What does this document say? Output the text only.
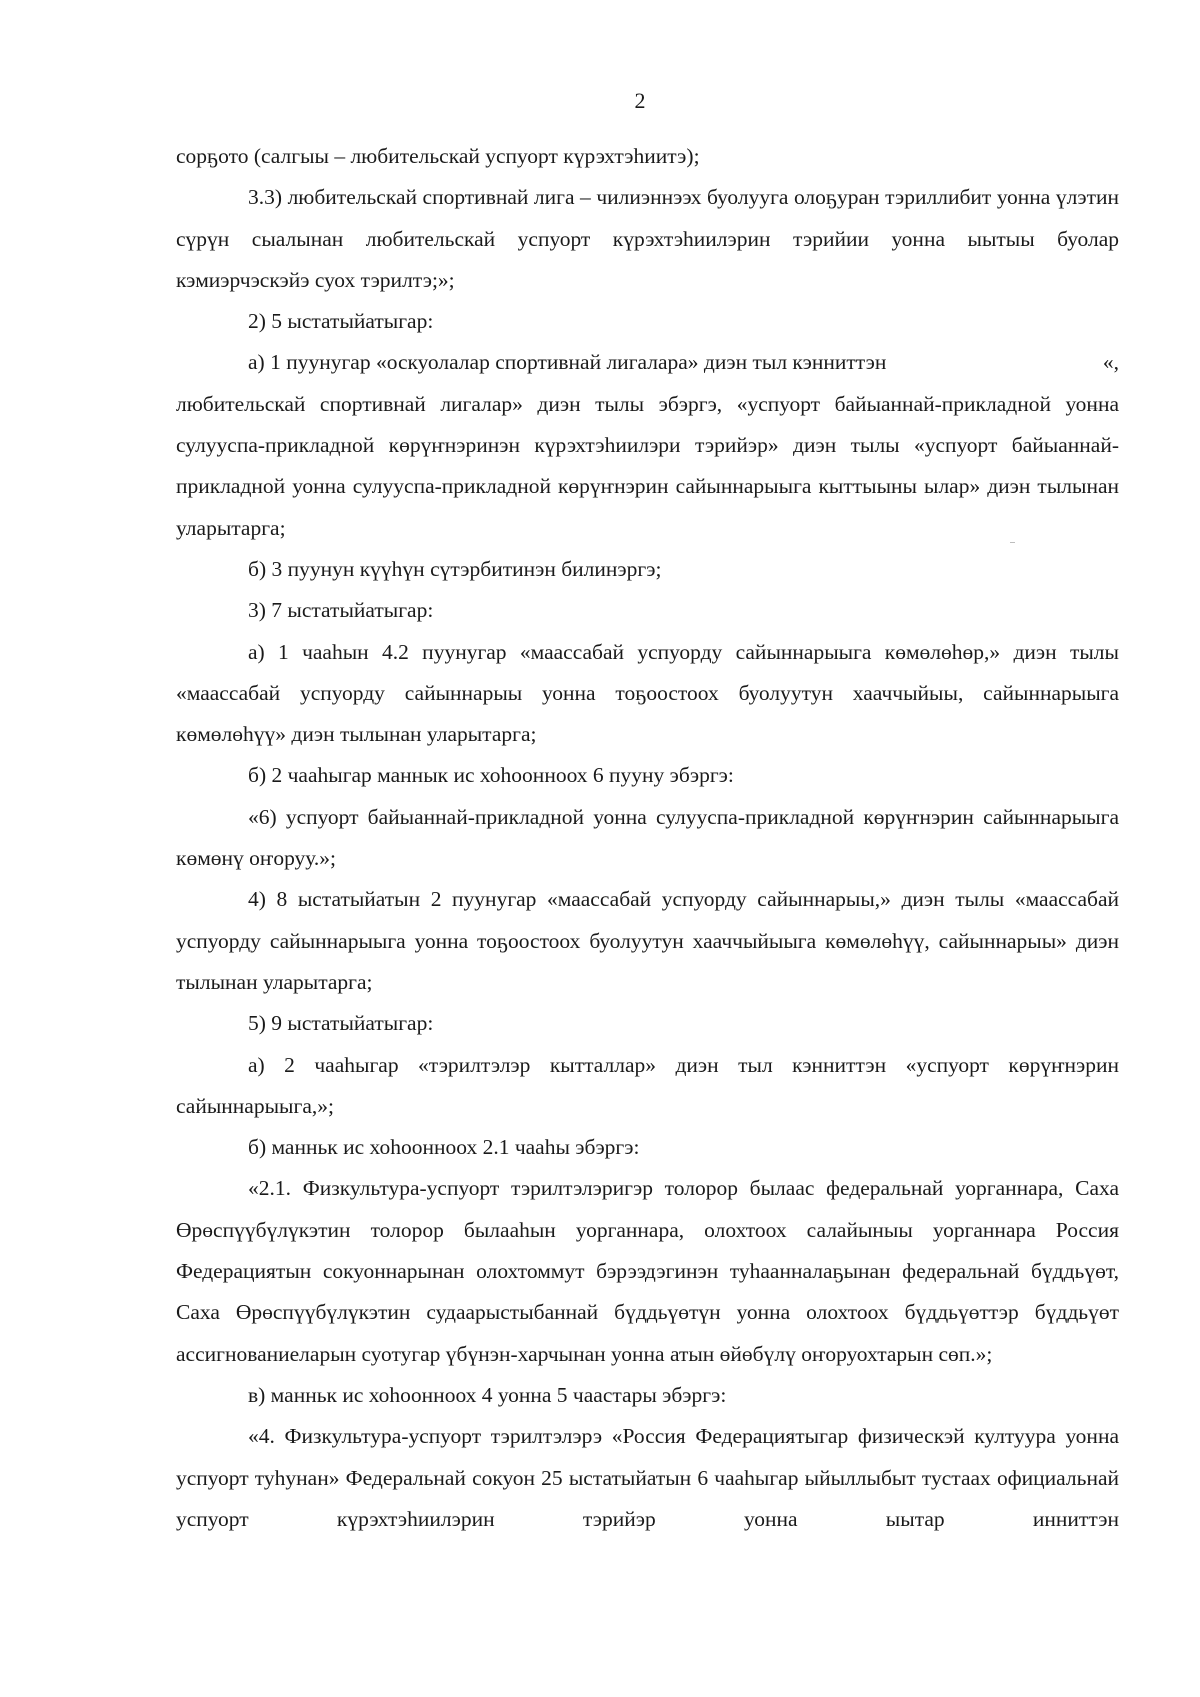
2

сорҕото (салгыы – любительскай успуорт күрэхтэһиитэ);

3.3) любительскай спортивнай лига – чилиэннээх буолууга олоҕуран тэриллибит уонна үлэтин сүрүн сыалынан любительскай успуорт күрэхтэһиилэрин тэрийии уонна ыытыы буолар кэмиэрчэскэйэ суох тэрилтэ;»;

2) 5 ыстатыйатыгар:

а) 1 пуунугар «оскуолалар спортивнай лигалара» диэн тыл кэнниттэн	«,

любительскай спортивнай лигалар» диэн тылы эбэргэ, «успуорт байыаннай-прикладной уонна сулууспа-прикладной көрүҥнэринэн күрэхтэһиилэри тэрийэр» диэн тылы «успуорт байыаннай-прикладной уонна сулууспа-прикладной көрүҥнэрин сайыннарыыга кыттыыны ылар» диэн тылынан уларытарга;

б) 3 пуунун күүһүн сүтэрбитинэн билинэргэ;

3) 7 ыстатыйатыгар:

а) 1 чааһын 4.2 пуунугар «маассабай успуорду сайыннарыыга көмөлөһөр,» диэн тылы «маассабай успуорду сайыннарыы уонна тоҕоостоох буолуутун хааччыйыы, сайыннарыыга көмөлөһүү» диэн тылынан уларытарга;

б) 2 чааһыгар маннык ис хоһоонноох 6 пууну эбэргэ:

«6) успуорт байыаннай-прикладной уонна сулууспа-прикладной көрүҥнэрин сайыннарыыга көмөнү оҥоруу.»;

4) 8 ыстатыйатын 2 пуунугар «маассабай успуорду сайыннарыы,» диэн тылы «маассабай успуорду сайыннарыыга уонна тоҕоостоох буолуутун хааччыйыыга көмөлөһүү, сайыннарыы» диэн тылынан уларытарга;

5) 9 ыстатыйатыгар:

а) 2 чааһыгар «тэрилтэлэр кытталлар» диэн тыл кэнниттэн «успуорт көрүҥнэрин сайыннарыыга,»;

б) манньк ис хоһоонноох 2.1 чааһы эбэргэ:

«2.1. Физкультура-успуорт тэрилтэлэригэр толорор былаас федеральнай уорганнара, Саха Өрөспүүбүлүкэтин толорор былааһын уорганнара, олохтоох салайыныы уорганнара Россия Федерациятын сокуоннарынан олохтоммут бэрээдэгинэн туһаанналаҕынан федеральнай бүддьүөт, Саха Өрөспүүбүлүкэтин судаарыстыбаннай бүддьүөтүн уонна олохтоох бүддьүөттэр бүддьүөт ассигнованиеларын суотугар үбүнэн-харчынан уонна атын өйөбүлү оҥоруохтарын сөп.»;

в) манньк ис хоһоонноох 4 уонна 5 чаастары эбэргэ:

«4. Физкультура-успуорт тэрилтэлэрэ «Россия Федерациятыгар физическэй култуура уонна успуорт туһунан» Федеральнай сокуон 25 ыстатыйатын 6 чааһыгар ыйыллыбыт тустаах официальнай успуорт күрэхтэһиилэрин тэрийэр уонна ыытар инниттэн
